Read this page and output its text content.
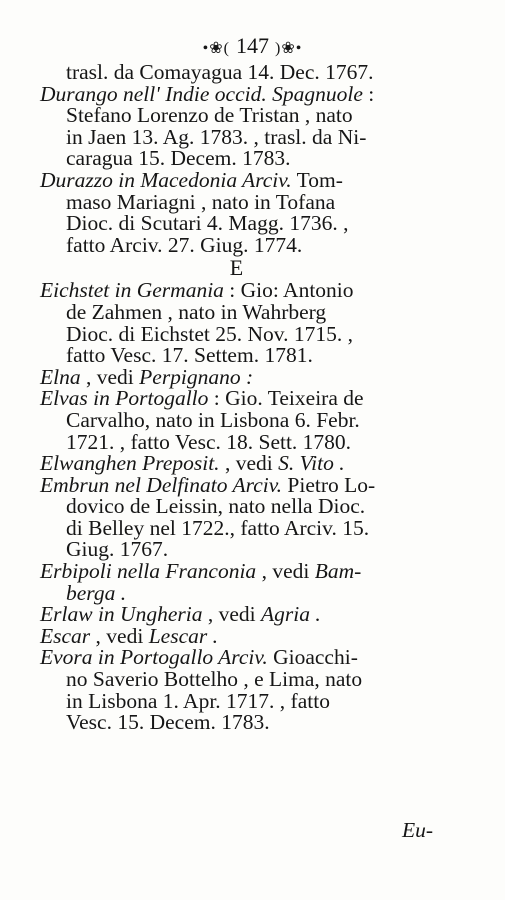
•❀( 147 )❀•
trasl. da Comayagua 14. Dec. 1767.
Durango nell' Indie occid. Spagnuole :
Stefano Lorenzo de Tristan , nato
in Jaen 13. Ag. 1783. , trasl. da Ni-
caragua 15. Decem. 1783.
Durazzo in Macedonia Arciv. Tom-
maso Mariagni , nato in Tofana
Dioc. di Scutari 4. Magg. 1736. ,
fatto Arciv. 27. Giug. 1774.
E
Eichstet in Germania : Gio: Antonio
de Zahmen , nato in Wahrberg
Dioc. di Eichstet 25. Nov. 1715. ,
fatto Vesc. 17. Settem. 1781.
Elna , vedi Perpignano :
Elvas in Portogallo : Gio. Teixeira de
Carvalho, nato in Lisbona 6. Febr.
1721. , fatto Vesc. 18. Sett. 1780.
Elwanghen Preposit. , vedi S. Vito .
Embrun nel Delfinato Arciv. Pietro Lo-
dovico de Leissin, nato nella Dioc.
di Belley nel 1722., fatto Arciv. 15.
Giug. 1767.
Erbipoli nella Franconia , vedi Bam-
berga .
Erlaw in Ungheria , vedi Agria .
Escar , vedi Lescar .
Evora in Portogallo Arciv. Gioacchi-
no Saverio Bottelho , e Lima, nato
in Lisbona 1. Apr. 1717. , fatto
Vesc. 15. Decem. 1783.
Eu-
